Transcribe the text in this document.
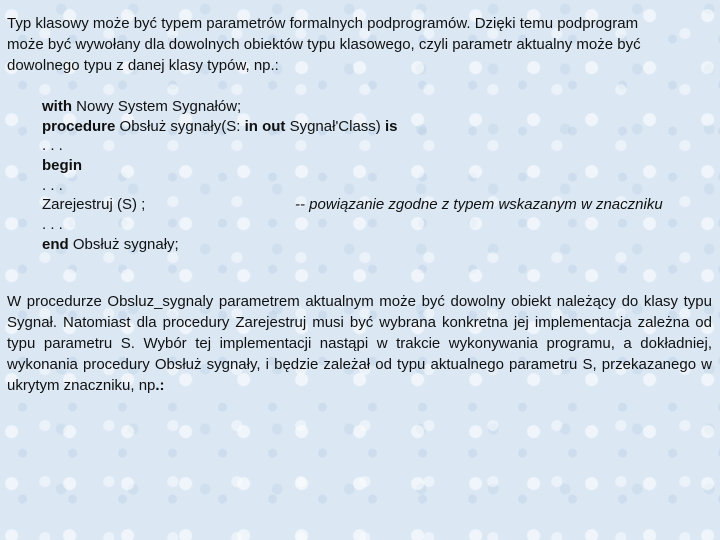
Typ klasowy może być typem parametrów formalnych podprogramów. Dzięki temu podprogram
może być wywołany dla dowolnych obiektów typu klasowego, czyli parametr aktualny może być
dowolnego typu z danej klasy typów, np.:
with Nowy System Sygnałów;
procedure Obsłuż sygnały(S: in out Sygnał'Class) is
. . .
begin
. . .
Zarejestruj (S) ;	-- powiązanie zgodne z typem wskazanym w znaczniku
. . .
end Obsłuż sygnały;

W procedurze Obsluz_sygnaly parametrem aktualnym może być dowolny obiekt należący do klasy typu Sygnał. Natomiast dla procedury Zarejestruj musi być wybrana konkretna jej implementacja zależna od typu parametru S. Wybór tej implementacji nastąpi w trakcie wykonywania programu, a dokładniej, wykonania procedury Obsłuż sygnały, i będzie zależał od typu aktualnego parametru S, przekazanego w ukrytym znaczniku, np.:
